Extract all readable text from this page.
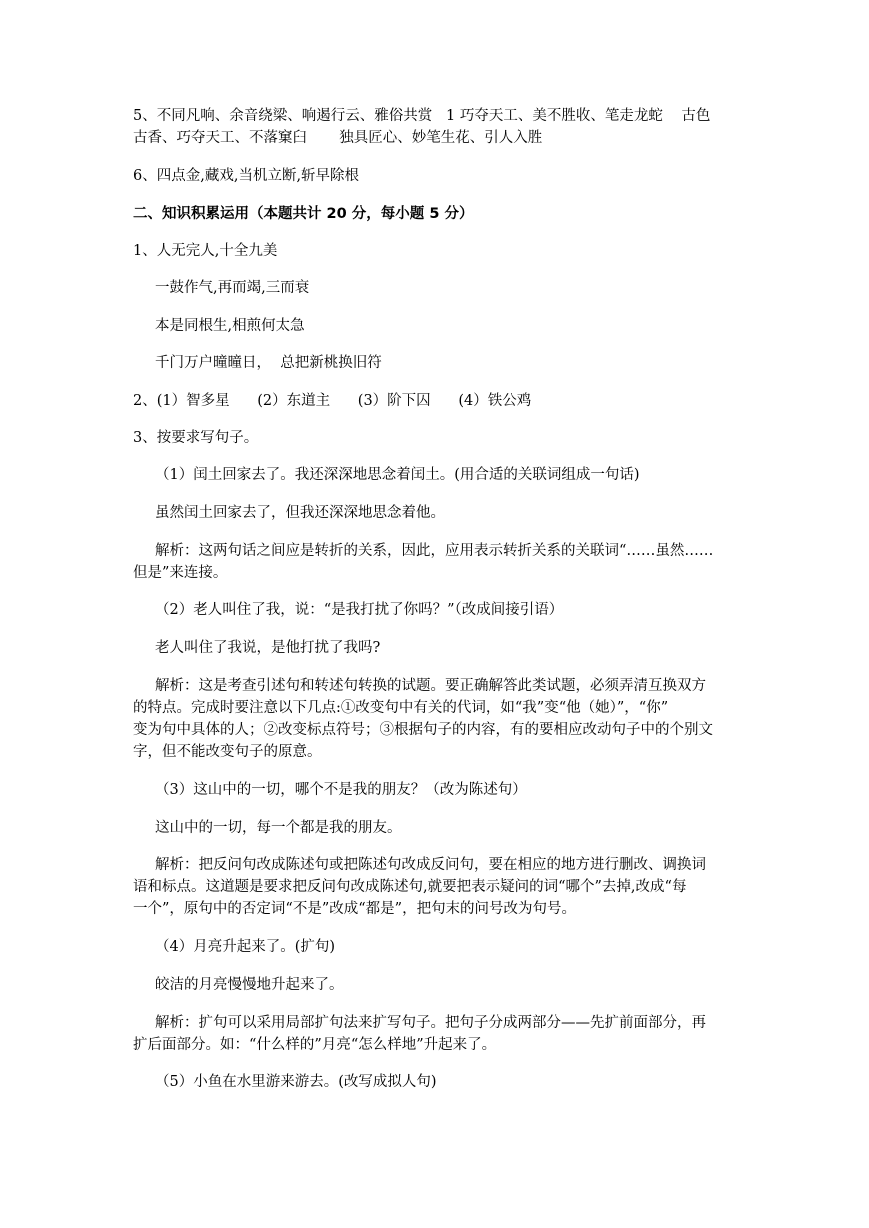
5、不同凡响、余音绕梁、响遏行云、雅俗共赏   1 巧夺天工、美不胜收、笔走龙蛇    古色
古香、巧夺天工、不落窠臼       独具匠心、妙笔生花、引人入胜
6、四点金,藏戏,当机立断,斩早除根
二、知识积累运用（本题共计 20 分，每小题 5 分）
1、人无完人,十全九美
一鼓作气,再而竭,三而衰
本是同根生,相煎何太急
千门万户曈曈日，  总把新桃换旧符
2、(1）智多星      (2）东道主      (3）阶下囚      (4）铁公鸡
3、按要求写句子。
（1）闰土回家去了。我还深深地思念着闰土。(用合适的关联词组成一句话)
虽然闰土回家去了，但我还深深地思念着他。
解析：这两句话之间应是转折的关系，因此，应用表示转折关系的关联词“……虽然……
但是”来连接。
（2）老人叫住了我，说：“是我打扰了你吗？”（改成间接引语）
老人叫住了我说，是他打扰了我吗?
解析：这是考查引述句和转述句转换的试题。要正确解答此类试题，必须弄清互换双方
的特点。完成时要注意以下几点:①改变句中有关的代词，如“我”变“他（她）”，“你”
变为句中具体的人；②改变标点符号；③根据句子的内容，有的要相应改动句子中的个别文
字，但不能改变句子的原意。
（3）这山中的一切，哪个不是我的朋友？（改为陈述句）
这山中的一切，每一个都是我的朋友。
解析：把反问句改成陈述句或把陈述句改成反问句，要在相应的地方进行删改、调换词
语和标点。这道题是要求把反问句改成陈述句,就要把表示疑问的词“哪个”去掉,改成“每
一个”，原句中的否定词“不是”改成“都是”，把句末的问号改为句号。
（4）月亮升起来了。(扩句)
皎洁的月亮慢慢地升起来了。
解析：扩句可以采用局部扩句法来扩写句子。把句子分成两部分——先扩前面部分，再
扩后面部分。如：“什么样的”月亮“怎么样地”升起来了。
（5）小鱼在水里游来游去。(改写成拟人句)
